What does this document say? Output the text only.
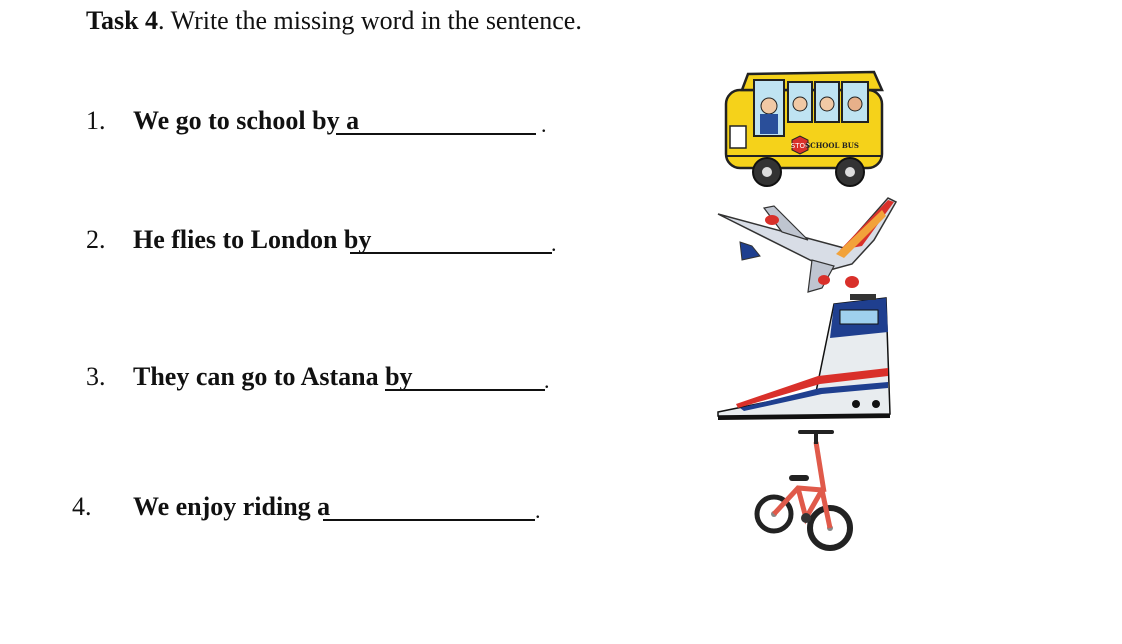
Task 4. Write the missing word in the sentence.
1. We go to school by a	.
2. He flies to London by	.
3. They can go to Astana by	.
4. We enjoy riding a	.
STOP
SCHOOL BUS
